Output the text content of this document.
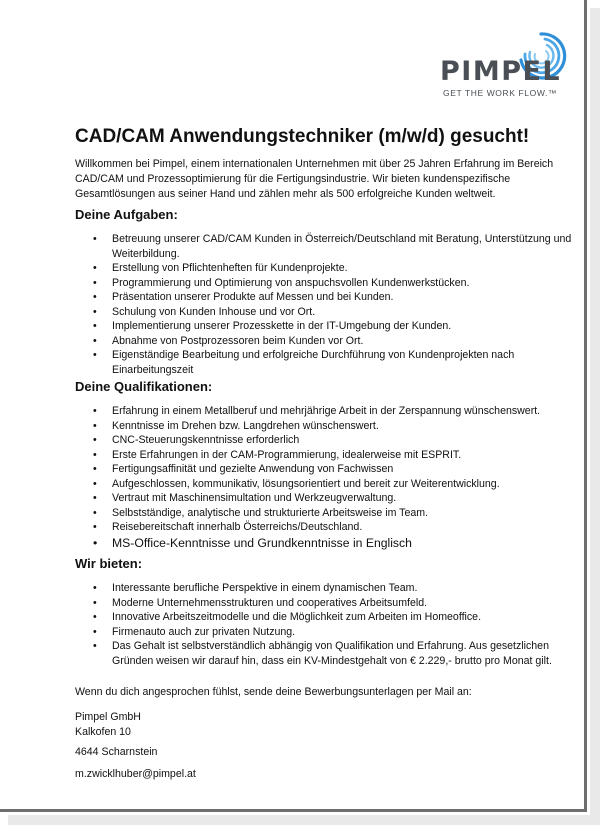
PIMPEL
GET THE WORK FLOW.™
CAD/CAM Anwendungstechniker (m/w/d) gesucht!

Willkommen bei Pimpel, einem internationalen Unternehmen mit über 25 Jahren Erfahrung im Bereich CAD/CAM und Prozessoptimierung für die Fertigungsindustrie. Wir bieten kundenspezifische Gesamtlösungen aus seiner Hand und zählen mehr als 500 erfolgreiche Kunden weltweit.

Deine Aufgaben:
• Betreuung unserer CAD/CAM Kunden in Österreich/Deutschland mit Beratung, Unterstützung und Weiterbildung.
• Erstellung von Pflichtenheften für Kundenprojekte.
• Programmierung und Optimierung von anspuchsvollen Kundenwerkstücken.
• Präsentation unserer Produkte auf Messen und bei Kunden.
• Schulung von Kunden Inhouse und vor Ort.
• Implementierung unserer Prozesskette in der IT-Umgebung der Kunden.
• Abnahme von Postprozessoren beim Kunden vor Ort.
• Eigenständige Bearbeitung und erfolgreiche Durchführung von Kundenprojekten nach Einarbeitungszeit
Deine Qualifikationen:
• Erfahrung in einem Metallberuf und mehrjährige Arbeit in der Zerspannung wünschenswert.
• Kenntnisse im Drehen bzw. Langdrehen wünschenswert.
• CNC-Steuerungskenntnisse erforderlich
• Erste Erfahrungen in der CAM-Programmierung, idealerweise mit ESPRIT.
• Fertigungsaffinität und gezielte Anwendung von Fachwissen
• Aufgeschlossen, kommunikativ, lösungsorientiert und bereit zur Weiterentwicklung.
• Vertraut mit Maschinensimultation und Werkzeugverwaltung.
• Selbstständige, analytische und strukturierte Arbeitsweise im Team.
• Reisebereitschaft innerhalb Österreichs/Deutschland.
• MS-Office-Kenntnisse und Grundkenntnisse in Englisch
Wir bieten:
• Interessante berufliche Perspektive in einem dynamischen Team.
• Moderne Unternehmensstrukturen und cooperatives Arbeitsumfeld.
• Innovative Arbeitszeitmodelle und die Möglichkeit zum Arbeiten im Homeoffice.
• Firmenauto auch zur privaten Nutzung.
• Das Gehalt ist selbstverständlich abhängig von Qualifikation und Erfahrung. Aus gesetzlichen Gründen weisen wir darauf hin, dass ein KV-Mindestgehalt von € 2.229,- brutto pro Monat gilt.

Wenn du dich angesprochen fühlst, sende deine Bewerbungsunterlagen per Mail an:

Pimpel GmbH

Kalkofen 10

4644 Scharnstein

m.zwicklhuber@pimpel.at
